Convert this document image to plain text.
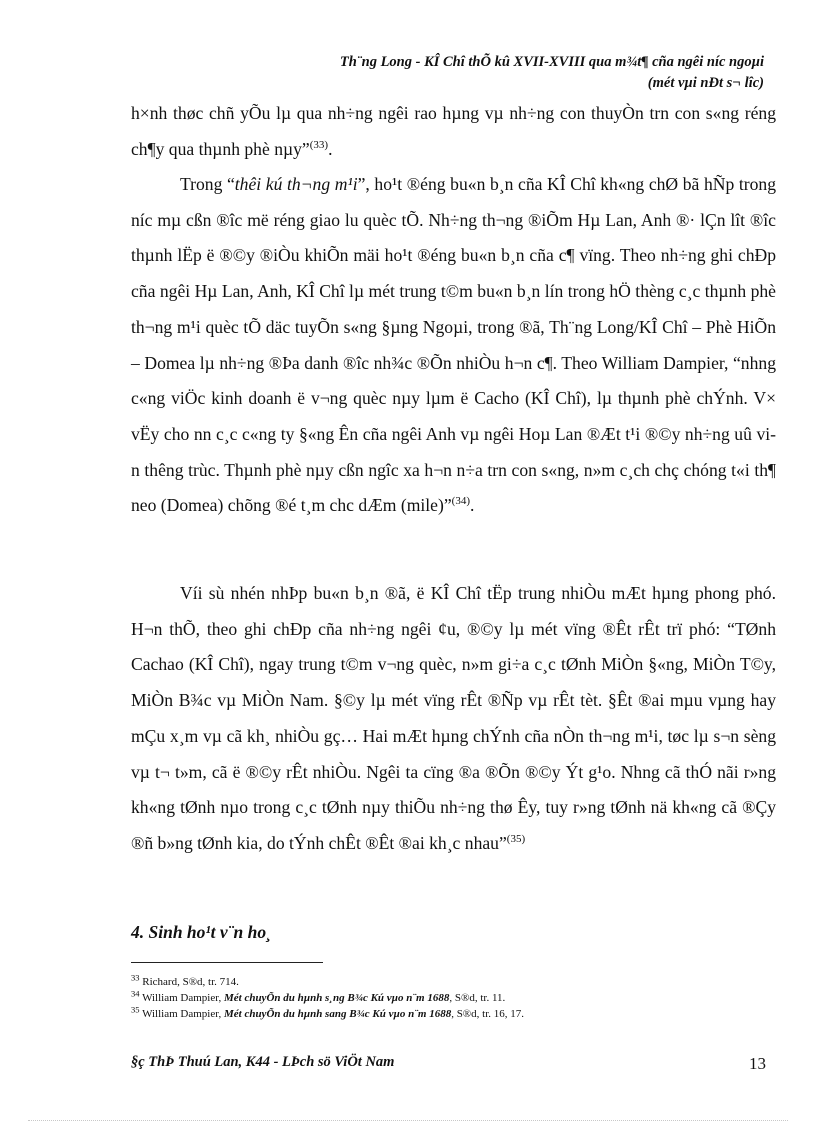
Th¨ng Long - KÎ Chî thÕ kû XVII-XVIII qua m¾t¶ cña ngêi níc ngoµi
(mét vµi nÐt s¬ lîc)

h×nh thøc chñ yÕu lµ qua nh÷ng ngêi rao hµng vµ nh÷ng con thuyÒn trn con s«ng réng ch¶y qua thµnh phè nµy”$^{(33)}$.

Trong “thêi kú th¬ng m¹i”, ho¹t ®éng bu«n b¸n cña KÎ Chî kh«ng chØ bã hÑp trong níc mµ cßn ®îc më réng giao lu quèc tÕ. Nh÷ng th¬ng ®iÕm Hµ Lan, Anh ®· lÇn lît ®îc thµnh lËp ë ®©y ®iÒu khiÕn mäi ho¹t ®éng bu«n b¸n cña c¶ vïng. Theo nh÷ng ghi chÐp cña ngêi Hµ Lan, Anh, KÎ Chî lµ mét trung t©m bu«n b¸n lín trong hÖ thèng c¸c thµnh phè th¬ng m¹i quèc tÕ däc tuyÕn s«ng §µng Ngoµi, trong ®ã, Th¨ng Long/KÎ Chî – Phè HiÕn – Domea lµ nh÷ng ®Þa danh ®îc nh¾c ®Õn nhiÒu h¬n c¶. Theo William Dampier, “nhng c«ng viÖc kinh doanh ë v¬ng quèc nµy lµm ë Cacho (KÎ Chî), lµ thµnh phè chÝnh. V× vËy cho nn c¸c c«ng ty §«ng Ên cña ngêi Anh vµ ngêi Hoµ Lan ®Æt t¹i ®©y nh÷ng uû vin thêng trùc. Thµnh phè nµy cßn ngîc xa h¬n n÷a trn con s«ng, n»m c¸ch chç chóng t«i th¶ neo (Domea) chõng ®é t¸m chc dÆm (mile)”$^{(34)}$.

Víi sù nhén nhÞp bu«n b¸n ®ã, ë KÎ Chî tËp trung nhiÒu mÆt hµng phong phó. H¬n thÕ, theo ghi chÐp cña nh÷ng ngêi ¢u, ®©y lµ mét vïng ®Êt rÊt trï phó: “TØnh Cachao (KÎ Chî), ngay trung t©m v¬ng quèc, n»m gi÷a c¸c tØnh MiÒn §«ng, MiÒn T©y, MiÒn B¾c vµ MiÒn Nam. §©y lµ mét vïng rÊt ®Ñp vµ rÊt tèt. §Êt ®ai mµu vµng hay mÇu x¸m vµ cã kh¸ nhiÒu gç… Hai mÆt hµng chÝnh cña nÒn th¬ng m¹i, tøc lµ s¬n sèng vµ t¬ t»m, cã ë ®©y rÊt nhiÒu. Ngêi ta cïng ®a ®Õn ®©y Ýt g¹o. Nhng cã thÓ nãi r»ng kh«ng tØnh nµo trong c¸c tØnh nµy thiÕu nh÷ng thø Êy, tuy r»ng tØnh nä kh«ng cã ®Çy ®ñ b»ng tØnh kia, do tÝnh chÊt ®Êt ®ai kh¸c nhau”$^{(35)}$

4. Sinh ho¹t v¨n ho¸
$^{33}$ Richard, S®d, tr. 714.
$^{34}$ William Dampier, Mét chuyÕn du hµnh s¸ng B¾c Kú vµo n¨m 1688, S®d, tr. 11.
$^{35}$ William Dampier, Mét chuyÕn du hµnh sang B¾c Kú vµo n¨m 1688, S®d, tr. 16, 17.
§ç ThÞ Thuú Lan, K44 - LÞch sö ViÖt Nam	13
